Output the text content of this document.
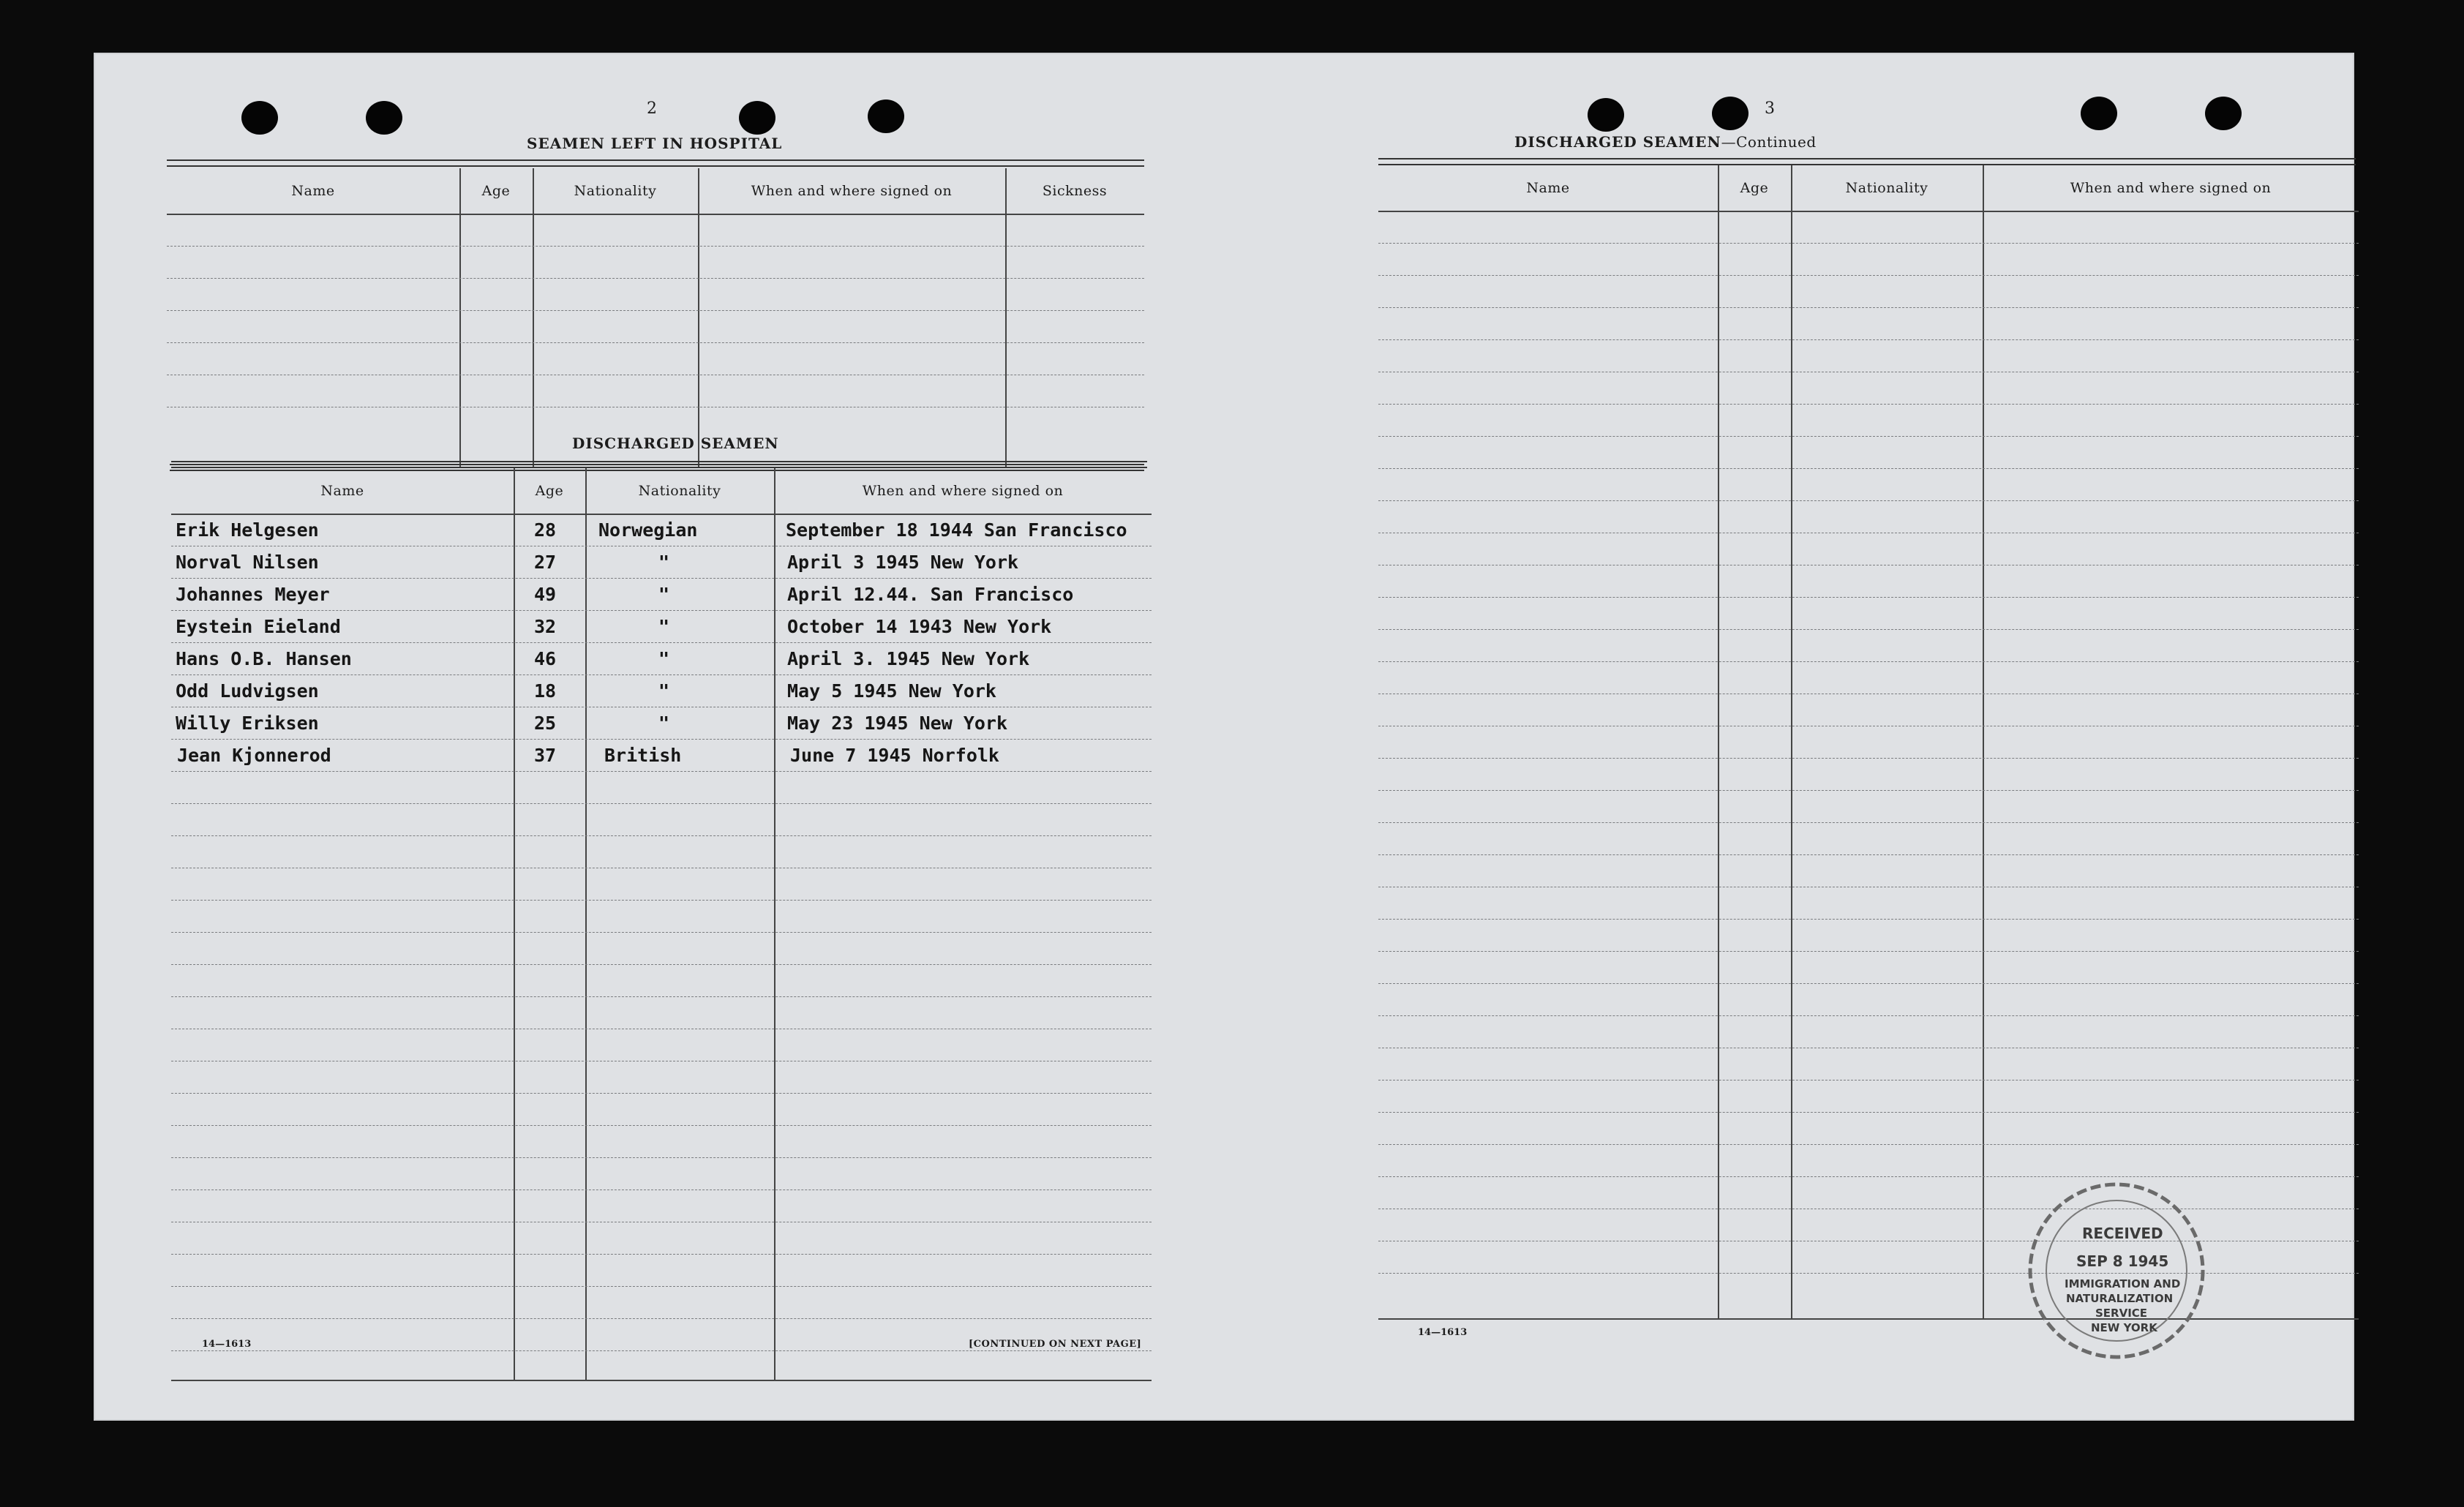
2
SEAMEN LEFT IN HOSPITAL
Name	Age	Nationality	When and where signed on	Sickness
DISCHARGED SEAMEN
Name	Age	Nationality	When and where signed on
Erik Helgesen	28 Norwegian	September 18 1944 San Francisco
Norval Nilsen	27	"	April 3 1945 New York
Johannes Meyer	49	"	April 12.44. San Francisco
Eystein Eieland	32	"	October 14 1943 New York
Hans O.B. Hansen	46	"	April 3. 1945 New York
Odd Ludvigsen	18	"	May 5 1945 New York
Willy Eriksen	25	"	May 23 1945 New York
Jean Kjonnerod	37	British	June 7 1945 Norfolk
14—1613	[CONTINUED ON NEXT PAGE]
3
DISCHARGED SEAMEN—Continued
Name	Age	Nationality	When and where signed on
14—1613
RECEIVED
SEP 8 1945
IMMIGRATION AND
NATURALIZATION
SERVICE
NEW YORK
